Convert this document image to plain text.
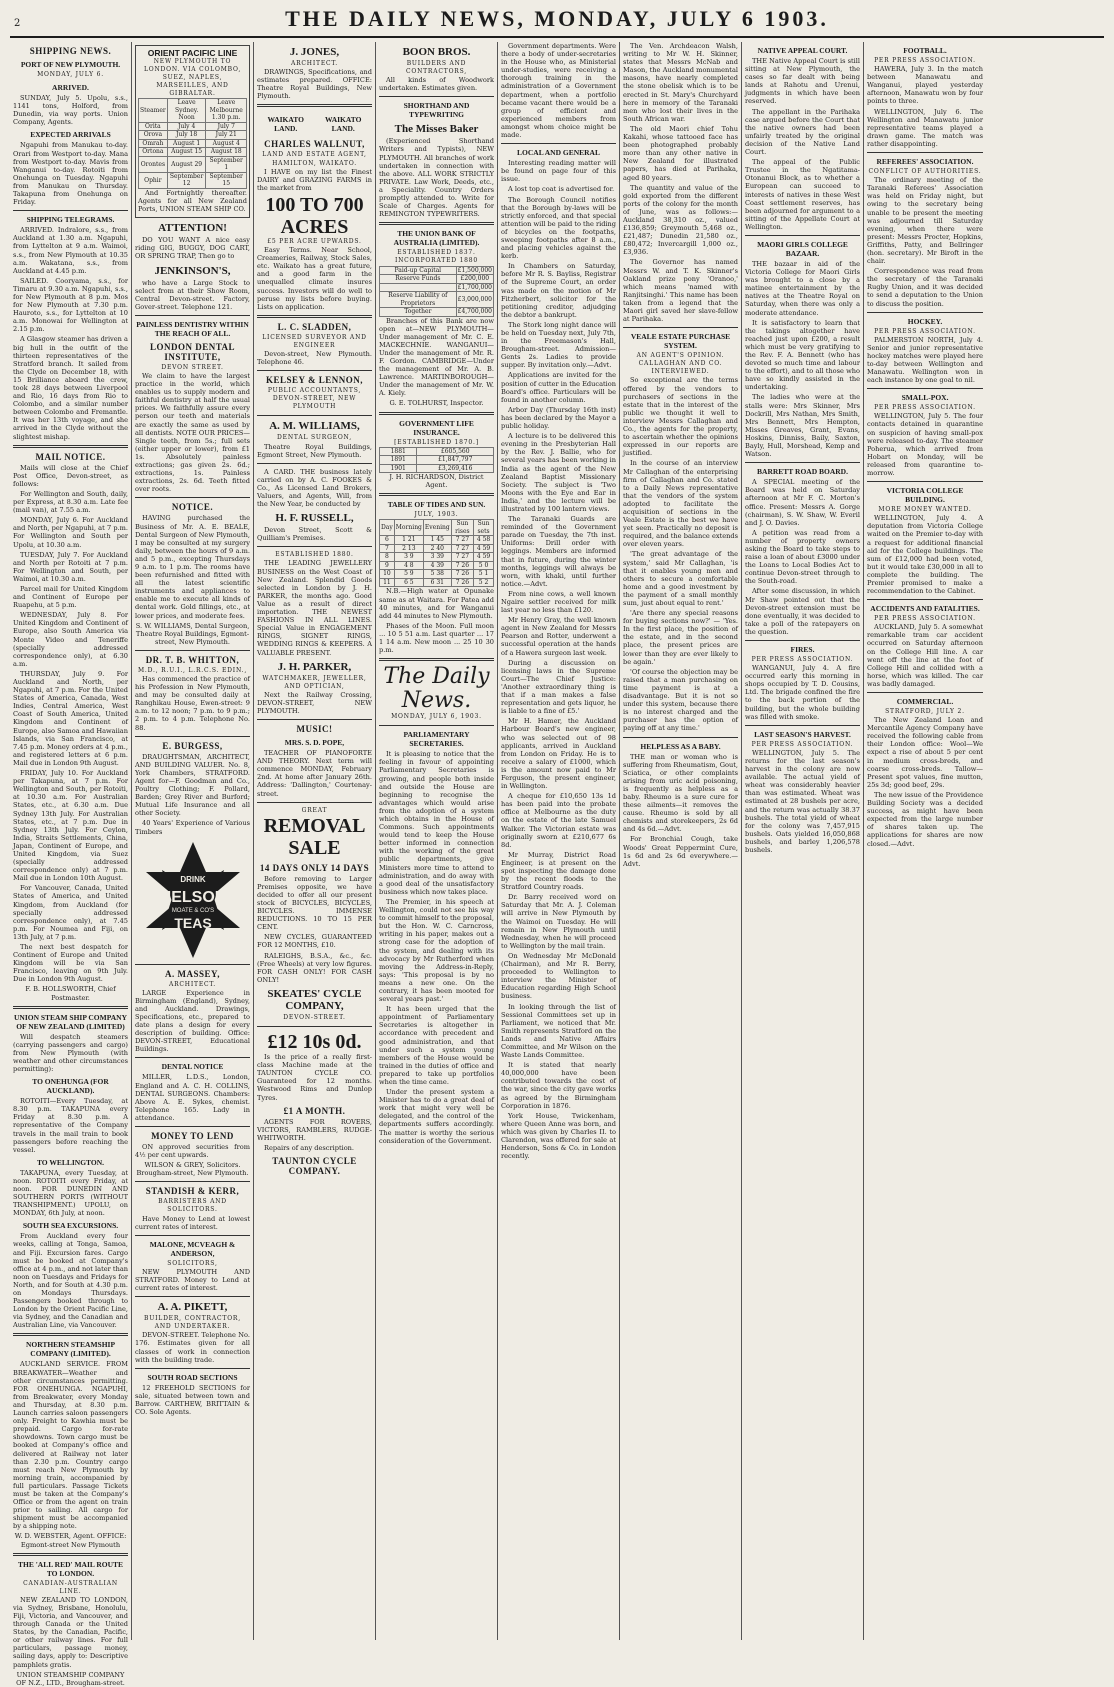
2	THE DAILY NEWS, MONDAY, JULY 6 1903.
SHIPPING NEWS.
PORT OF NEW PLYMOUTH.
MONDAY, JULY 6.
ARRIVED.

SUNDAY, July 5. Upolu, s.s., 1141 tons, Holford, from Dunedin, via way ports. Union Company, Agents.

EXPECTED ARRIVALS

Ngapuhi from Manukau to-day. Orari from Westport to-day. Mana from Westport to-day. Mavis from Wanganui to-day. Rotoiti from Onehunga on Tuesday. Ngapuhi from Manukau on Thursday. Takapuna from Onehunga on Friday.

SHIPPING TELEGRAMS.

ARRIVED. Indralore, s.s., from Auckland at 1.30 a.m. Ngapuhi, from Lyttelton at 9 a.m. Waimoi, s.s., from New Plymouth at 10.35 a.m. Wakatana, s.s., from Auckland at 4.45 p.m.

SAILED. Cooryama, s.s., for Timaru at 9.30 a.m. Ngapuhi, s.s., for New Plymouth at 8 p.m. Mos for New Plymouth at 7.30 p.m. Hauroto, s.s., for Lyttelton at 10 a.m. Monowai for Wellington at 2.15 p.m.

A Glasgow steamer has driven a big hull in the outfit of the thirteen representatives of the Stratford branch. It sailed from the Clyde on December 18, with 15 Brilliance aboard the crew, took 28 days between Liverpool and Rio, 16 days from Rio to Colombo, and a similar number between Colombo and Fremantle. It was her 13th voyage, and she arrived in the Clyde without the slightest mishap.

MAIL NOTICE.

Mails will close at the Chief Post Office, Devon-street, as follows:

For Wellington and South, daily, per Express, at 8.30 a.m. Late fee (mail van), at 7.55 a.m.

MONDAY, July 6. For Auckland and North, per Ngapuhi, at 7 p.m. For Wellington and South per Upolu, at 10.30 a.m.

TUESDAY, July 7. For Auckland and North per Rotoiti at 7 p.m. For Wellington and South, per Waimoi, at 10.30 a.m.

Parcel mail for United Kingdom and Continent of Europe per Ruapehu, at 5 p.m.

WEDNESDAY, July 8. For United Kingdom and Continent of Europe, also South America via Monte Video and Teneriffe (specially addressed correspondence only), at 6.30 a.m.

THURSDAY, July 9. For Auckland and North, per Ngapuhi, at 7 p.m. For the United States of America, Canada, West Indies, Central America, West Coast of South America, United Kingdom and Continent of Europe, also Samoa and Hawaiian Islands, via San Francisco, at 7.45 p.m. Money orders at 4 p.m., and registered letters at 6 p.m. Mail due in London 9th August.

FRIDAY, July 10. For Auckland per Takapuna, at 7 p.m. For Wellington and South, per Rotoiti, at 10.30 a.m. For Australian States, etc., at 6.30 a.m. Due Sydney 13th July. For Australian States, etc., at 7 p.m. Due in Sydney 13th July. For Ceylon, India, Straits Settlements, China, Japan, Continent of Europe, and United Kingdom, via Suez (specially addressed correspondence only) at 7 p.m. Mail due in London 10th August.

For Vancouver, Canada, United States of America, and United Kingdom, from Auckland (for specially addressed correspondence only), at 7.45 p.m. For Noumea and Fiji, on 13th July, at 7 p.m.

The next best despatch for Continent of Europe and United Kingdom will be via San Francisco, leaving on 9th July. Due in London 9th August.

F. B. HOLLSWORTH, Chief Postmaster.
UNION STEAM SHIP COMPANY OF NEW ZEALAND (LIMITED)

Will despatch steamers (carrying passengers and cargo) from New Plymouth (with weather and other circumstances permitting):

TO ONEHUNGA (FOR AUCKLAND).

ROTOITI—Every Tuesday, at 8.30 p.m. TAKAPUNA every Friday at 8.30 p.m. A representative of the Company travels in the mail train to book passengers before reaching the vessel.

TO WELLINGTON.

TAKAPUNA, every Tuesday, at noon. ROTOITI every Friday, at noon. FOR DUNEDIN AND SOUTHERN PORTS (WITHOUT TRANSHIPMENT.) UPOLU, on MONDAY, 6th July, at noon.

SOUTH SEA EXCURSIONS.

From Auckland every four weeks, calling at Tonga, Samoa, and Fiji. Excursion fares. Cargo must be booked at Company's office at 4 p.m., and not later than noon on Tuesdays and Fridays for North, and for South at 4.30 p.m. on Mondays Thursdays. Passengers booked through to London by the Orient Pacific Line, via Sydney, and the Canadian and Australian Line, via Vancouver.

NORTHERN STEAMSHIP COMPANY (LIMITED).

AUCKLAND SERVICE. FROM BREAKWATER—Weather and other circumstances permitting. FOR ONEHUNGA. NGAPUHI, from Breakwater, every Monday and Thursday, at 8.30 p.m. Launch carries saloon passengers only. Freight to Kawhia must be prepaid. Cargo for-rate showdowns. Town cargo must be booked at Company's office and delivered at Railway not later than 2.30 p.m. Country cargo must reach New Plymouth by morning train, accompanied by full particulars. Passage Tickets must be taken at the Company's Office or from the agent on train prior to sailing. All cargo for shipment must be accompanied by a shipping note.

W. D. WEBSTER, Agent. OFFICE: Egmont-street New Plymouth
THE 'ALL RED' MAIL ROUTE TO LONDON.
CANADIAN-AUSTRALIAN LINE.

NEW ZEALAND TO LONDON, via Sydney, Brisbane, Honolulu, Fiji, Victoria, and Vancouver, and through Canada or the United States, by the Canadian, Pacific, or other railway lines. For full particulars, passage money, sailing days, apply to: Descriptive pamphlets gratis.

UNION STEAMSHIP COMPANY OF N.Z., LTD., Brougham-street.
ORIENT PACIFIC LINE
NEW PLYMOUTH TO LONDON. VIA COLOMBO, SUEZ, NAPLES, MARSEILLES, AND GIBRALTAR.
Steamer	Leave Sydney. Noon	Leave Melbourne 1.30 p.m.
Orita	July 4	July 7
Orova	July 18	July 21
Omrah	August 1	August 4
Ortona	August 15	August 18
Orontes	August 29	September 1
Ophir	September 12	September 15

And Fortnightly thereafter. Agents for all New Zealand Ports, UNION STEAM SHIP CO.

ATTENTION!

DO YOU WANT A nice easy riding GIG, BUGGY, DOG CART, OR SPRING TRAP, Then go to

JENKINSON'S,

who have a Large Stock to select from at their Show Room, Central Devon-street. Factory, Gover-street. Telephone 121.

PAINLESS DENTISTRY WITHIN THE REACH OF ALL.
LONDON DENTAL INSTITUTE,
DEVON STREET.

We claim to have the largest practice in the world, which enables us to supply modern and faithful dentistry at half the usual prices. We faithfully assure every person our teeth and materials are exactly the same as used by all dentists. NOTE OUR PRICES—Single teeth, from 5s.; full sets (either upper or lower), from £1 1s. Absolutely painless extractions; gas given 2s. 6d.; extractions, 1s. Painless extractions, 2s. 6d. Teeth fitted over roots.

NOTICE.

HAVING purchased the Business of Mr. A. E. BEALE, Dental Surgeon of New Plymouth, I may be consulted at my surgery daily, between the hours of 9 a.m. and 5 p.m., excepting Thursdays 9 a.m. to 1 p.m. The rooms have been refurnished and fitted with all the latest scientific instruments and appliances to enable me to execute all kinds of dental work. Gold fillings, etc., at lower prices, and moderate fees.

S. W. WILLIAMS, Dental Surgeon, Theatre Royal Buildings, Egmont-street, New Plymouth.
DR. T. B. WHITTON,
M.D., R.U.I., L.R.C.S. EDIN.,

Has commenced the practice of his Profession in New Plymouth, and may be consulted daily at Ranghikau House, Ewen-street: 9 a.m. to 12 noon; 7 p.m. to 9 p.m.; 2 p.m. to 4 p.m. Telephone No. 88.

E. BURGESS,

DRAUGHTSMAN, ARCHITECT, AND BUILDING VALUER. No. 8, York Chambers, STRATFORD. Agent for—F. Goodman and Co., Poultry Clothing; F. Pollard, Barden; Grey River and Burford; Mutual Life Insurance and all other Society.

40 Years' Experience of Various Timbers

DRINK
NELSON
MOATE & CO'S
TEAS
A. MASSEY,
ARCHITECT.

LARGE Experience in Birmingham (England), Sydney, and Auckland. Drawings, Specifications, etc., prepared to date plans a design for every description of building. Office: DEVON-STREET, Educational Buildings.

DENTAL NOTICE

MILLER, L.D.S., London, England and A. C. H. COLLINS, DENTAL SURGEONS. Chambers: Above A. E. Sykes, chemist. Telephone 165. Lady in attendance.

MONEY TO LEND

ON approved securities from 4½ per cent upwards.

WILSON & GREY, Solicitors. Brougham-street, New Plymouth.
STANDISH & KERR,
BARRISTERS AND SOLICITORS.

Have Money to Lend at lowest current rates of interest.

MALONE, MCVEAGH & ANDERSON,
SOLICITORS,

NEW PLYMOUTH AND STRATFORD. Money to Lend at current rates of interest.

A. A. PIKETT,
BUILDER, CONTRACTOR, AND UNDERTAKER.

DEVON-STREET. Telephone No. 176. Estimates given for all classes of work in connection with the building trade.

SOUTH ROAD SECTIONS

12 FREEHOLD SECTIONS for sale, situated between town and Barrow. CARTHEW, BRITTAIN & CO. Sole Agents.

J. JONES,
ARCHITECT.

DRAWINGS, Specifications, and estimates prepared. OFFICE: Theatre Royal Buildings, New Plymouth.

WAIKATO LAND.
WAIKATO LAND.
CHARLES WALLNUT,
LAND AND ESTATE AGENT, HAMILTON, WAIKATO.

I HAVE on my list the Finest DAIRY and GRAZING FARMS in the market from

100 TO 700 ACRES
£5 PER ACRE UPWARDS.

Easy Terms. Near School, Creameries, Railway, Stock Sales, etc. Waikato has a great future, and a good farm in the unequalled climate insures success. Investors will do well to peruse my lists before buying. Lists on application.

L. C. SLADDEN,
LICENSED SURVEYOR AND ENGINEER

Devon-street, New Plymouth. Telephone 46.

KELSEY & LENNON,
PUBLIC ACCOUNTANTS, DEVON-STREET, NEW PLYMOUTH
A. M. WILLIAMS,
DENTAL SURGEON,

Theatre Royal Buildings, Egmont Street, New Plymouth.

A CARD. THE business lately carried on by A. C. FOOKES & Co., As Licensed Land Brokers, Valuers, and Agents, Will, from the New Year, be conducted by

H. F. RUSSELL,

Devon Street, Scott & Quilliam's Premises.

ESTABLISHED 1880.

THE LEADING JEWELLERY BUSINESS on the West Coast of New Zealand. Splendid Goods selected in London by J. H. PARKER, the months ago. Good Value as a result of direct importation. THE NEWEST FASHIONS IN ALL LINES. Special Value in ENGAGEMENT RINGS, SIGNET RINGS, WEDDING RINGS & KEEPERS. A VALUABLE PRESENT.

J. H. PARKER,
WATCHMAKER, JEWELLER, AND OPTICIAN,

Next the Railway Crossing, DEVON-STREET, NEW PLYMOUTH.

MUSIC!
MRS. S. D. POPE,

TEACHER OF PIANOFORTE AND THEORY. Next term will commence MONDAY, February 2nd. At home after January 26th. Address: 'Dallington,' Courtenay-street.

GREAT
REMOVAL SALE
14 DAYS ONLY 14 DAYS

Before removing to Larger Premises opposite, we have decided to offer all our present stock of BICYCLES, BICYCLES, BICYCLES. IMMENSE REDUCTIONS. 10 TO 15 PER CENT.

NEW CYCLES, GUARANTEED FOR 12 MONTHS, £10.

RALEIGHS, B.S.A., &c., &c. (Free Wheels) at very low figures. FOR CASH ONLY! FOR CASH ONLY!

SKEATES' CYCLE COMPANY,
DEVON-STREET.
£12 10s 0d.

Is the price of a really first-class Machine made at the TAUNTON CYCLE CO. Guaranteed for 12 months. Westwood Rims and Dunlop Tyres.

£1 A MONTH.

AGENTS FOR ROVERS, VICTORS, RAMBLERS, RUDGE-WHITWORTH.

Repairs of any description.

TAUNTON CYCLE COMPANY.
BOON BROS.
BUILDERS AND CONTRACTORS,

All kinds of Woodwork undertaken. Estimates given.

SHORTHAND AND TYPEWRITING
The Misses Baker

(Experienced Shorthand Writers and Typists), NEW PLYMOUTH. All branches of work undertaken in connection with the above. ALL WORK STRICTLY PRIVATE. Law Work, Deeds, etc., a Speciality. Country Orders promptly attended to. Write for Scale of Charges. Agents for REMINGTON TYPEWRITERS.

THE UNION BANK OF AUSTRALIA (LIMITED).
ESTABLISHED 1837. INCORPORATED 1880
Paid-up Capital	£1,500,000
Reserve Funds	£200,000
	£1,700,000
Reserve Liability of Proprietors	£3,000,000
Together	£4,700,000

Branches of this Bank are now open at—NEW PLYMOUTH—Under management of Mr. C. E. MACKECHNIE. WANGANUI—Under the management of Mr. R. F. Gordon. CAMBRIDGE—Under the management of Mr. A. B. Lawrence. MARTINBOROUGH—Under the management of Mr. W. A. Kiely.

G. E. TOLHURST, Inspector.
GOVERNMENT LIFE INSURANCE.
[ESTABLISHED 1870.]
1881	£605,560
1891	£1,847,797
1901	£3,269,416
J. H. RICHARDSON, District Agent.
TABLE OF TIDES AND SUN.
JULY, 1903.
Day	Morning	Evening	Sun rises	Sun sets
6	1 21	1 45	7 27	4 58
7	2 13	2 40	7 27	4 59
8	3 9	3 39	7 27	4 59
9	4 8	4 39	7 26	5 0
10	5 9	5 38	7 26	5 1
11	6 5	6 31	7 26	5 2

N.B.—High water at Opunake same as at Waitara. For Patea add 40 minutes, and for Wanganui add 44 minutes to New Plymouth.

Phases of the Moon. Full moon ... 10 5 51 a.m. Last quarter ... 17 1 14 a.m. New moon ... 25 10 30 p.m.

The Daily News.
MONDAY, JULY 6, 1903.
PARLIAMENTARY SECRETARIES.

It is pleasing to notice that the feeling in favour of appointing Parliamentary Secretaries is growing, and people both inside and outside the House are beginning to recognise the advantages which would arise from the adoption of a system which obtains in the House of Commons. Such appointments would tend to keep the House better informed in connection with the working of the great public departments, give Ministers more time to attend to administration, and do away with a good deal of the unsatisfactory business which now takes place.

The Premier, in his speech at Wellington, could not see his way to commit himself to the proposal, but the Hon. W. C. Carncross, writing in his paper, makes out a strong case for the adoption of the system, and dealing with its advocacy by Mr Rutherford when moving the Address-in-Reply, says: 'This proposal is by no means a new one. On the contrary, it has been mooted for several years past.'

It has been urged that the appointment of Parliamentary Secretaries is altogether in accordance with precedent and good administration, and that under such a system young members of the House would be trained in the duties of office and prepared to take up portfolios when the time came.

Under the present system a Minister has to do a great deal of work that might very well be delegated, and the control of the departments suffers accordingly. The matter is worthy the serious consideration of the Government.

Government departments. Were there a body of under-secretaries in the House who, as Ministerial under-studies, were receiving a thorough training in the administration of a Government department, when a portfolio became vacant there would be a group of efficient and experienced members from amongst whom choice might be made.

LOCAL AND GENERAL

Interesting reading matter will be found on page four of this issue.

A lost top coat is advertised for.

The Borough Council notifies that the Borough by-laws will be strictly enforced, and that special attention will be paid to the riding of bicycles on the footpaths, sweeping footpaths after 8 a.m., and placing vehicles against the kerb.

In Chambers on Saturday, before Mr R. S. Bayliss, Registrar of the Supreme Court, an order was made on the motion of Mr Fitzherbert, solicitor for the petitioning creditor, adjudging the debtor a bankrupt.

The Stork long night dance will be held on Tuesday next, July 7th, in the Freemason's Hall, Brougham-street. Admission—Gents 2s. Ladies to provide supper. By invitation only.—Advt.

Applications are invited for the position of cutter in the Education Board's office. Particulars will be found in another column.

Arbor Day (Thursday 16th inst) has been declared by the Mayor a public holiday.

A lecture is to be delivered this evening in the Presbyterian Hall by the Rev. J. Ballie, who for several years has been working in India as the agent of the New Zealand Baptist Missionary Society. The subject is 'Two Moons with the Eye and Ear in India,' and the lecture will be illustrated by 100 lantern views.

The Taranaki Guards are reminded of the Government parade on Tuesday, the 7th inst. Uniforms: Drill order with leggings. Members are informed that in future, during the winter months, leggings will always be worn, with khaki, until further notice.—Advt.

From nine cows, a well known Ngaire settler received for milk last year no less than £120.

Mr Henry Gray, the well known agent in New Zealand for Messrs Pearson and Rotter, underwent a successful operation at the hands of a Hawera surgeon last week.

During a discussion on licensing laws in the Supreme Court—The Chief Justice: 'Another extraordinary thing is that if a man makes a false representation and gets liquor, he is liable to a fine of £5.'

Mr H. Hamer, the Auckland Harbour Board's new engineer, who was selected out of 98 applicants, arrived in Auckland from London on Friday. He is to receive a salary of £1000, which is the amount now paid to Mr Ferguson, the present engineer, in Wellington.

A cheque for £10,650 13s 1d has been paid into the probate office at Melbourne as the duty on the estate of the late Samuel Walker. The Victorian estate was originally sworn at £210,677 6s 8d.

Mr Murray, District Road Engineer, is at present on the spot inspecting the damage done by the recent floods to the Stratford Country roads.

Dr. Barry received word on Saturday that Mr. A. J. Coleman will arrive in New Plymouth by the Waimoi on Tuesday. He will remain in New Plymouth until Wednesday, when he will proceed to Wellington by the mail train.

On Wednesday Mr McDonald (Chairman), and Mr R. Berry, proceeded to Wellington to interview the Minister of Education regarding High School business.

In looking through the list of Sessional Committees set up in Parliament, we noticed that Mr. Smith represents Stratford on the Lands and Native Affairs Committee, and Mr Wilson on the Waste Lands Committee.

It is stated that nearly 40,000,000 have been contributed towards the cost of the war, since the city gave works as agreed by the Birmingham Corporation in 1876.

York House, Twickenham, where Queen Anne was born, and which was given by Charles II. to Clarendon, was offered for sale at Henderson, Sons & Co. in London recently.

The Ven. Archdeacon Walsh, writing to Mr W. H. Skinner, states that Messrs McNab and Mason, the Auckland monumental masons, have nearly completed the stone obelisk which is to be erected in St. Mary's Churchyard here in memory of the Taranaki men who lost their lives in the South African war.

The old Maori chief Tohu Kakahi, whose tattooed face has been photographed probably more than any other native in New Zealand for illustrated papers, has died at Parihaka, aged 80 years.

The quantity and value of the gold exported from the different ports of the colony for the month of June, was as follows:—Auckland 38,310 oz., valued £136,859; Greymouth 5,468 oz., £21,487; Dunedin 21,580 oz., £80,472; Invercargill 1,000 oz., £3,936.

The Governor has named Messrs W. and T. K. Skinner's Oakland prize pony 'Oranoo,' which means 'named with Ranjitsinghi.' This name has been taken from a legend that the Maori girl saved her slave-fellow at Parihaka.

VEALE ESTATE PURCHASE SYSTEM.
AN AGENT'S OPINION.
CALLAGHAN AND CO. INTERVIEWED.

So exceptional are the terms offered by the vendors to purchasers of sections in the estate that in the interest of the public we thought it well to interview Messrs Callaghan and Co., the agents for the property, to ascertain whether the opinions expressed in our reports are justified.

In the course of an interview Mr Callaghan of the enterprising firm of Callaghan and Co. stated to a Daily News representative that the vendors of the system adopted to facilitate the acquisition of sections in the Veale Estate is the best we have yet seen. Practically no deposit is required, and the balance extends over eleven years.

'The great advantage of the system,' said Mr Callaghan, 'is that it enables young men and others to secure a comfortable home and a good investment by the payment of a small monthly sum, just about equal to rent.'

'Are there any special reasons for buying sections now?' — 'Yes. In the first place, the position of the estate, and in the second place, the present prices are lower than they are ever likely to be again.'

'Of course the objection may be raised that a man purchasing on time payment is at a disadvantage. But it is not so under this system, because there is no interest charged and the purchaser has the option of paying off at any time.'

HELPLESS AS A BABY.

THE man or woman who is suffering from Rheumatism, Gout, Sciatica, or other complaints arising from uric acid poisoning, is frequently as helpless as a baby. Rheumo is a sure cure for these ailments—it removes the cause. Rheumo is sold by all chemists and storekeepers, 2s 6d and 4s 6d.—Advt.

For Bronchial Cough, take Woods' Great Peppermint Cure, 1s 6d and 2s 6d everywhere.—Advt.

NATIVE APPEAL COURT.

THE Native Appeal Court is still sitting at New Plymouth, the cases so far dealt with being lands at Rahotu and Urenui, judgments in which have been reserved.

The appellant in the Parihaka case argued before the Court that the native owners had been unfairly treated by the original decision of the Native Land Court.

The appeal of the Public Trustee in the Ngatitama-Otonanui Block, as to whether a European can succeed to interests of natives in these West Coast settlement reserves, has been adjourned for argument to a sitting of the Appellate Court at Wellington.

MAORI GIRLS COLLEGE BAZAAR.

THE bazaar in aid of the Victoria College for Maori Girls was brought to a close by a matinee entertainment by the natives at the Theatre Royal on Saturday, when there was only a moderate attendance.

It is satisfactory to learn that the takings altogether have reached just upon £200, a result which must be very gratifying to the Rev. F. A. Bennett (who has devoted so much time and labour to the effort), and to all those who have so kindly assisted in the undertaking.

The ladies who were at the stalls were: Mrs Skinner, Mrs Dockrill, Mrs Nathan, Mrs Smith, Mrs Bennett, Mrs Hempton, Misses Greaves, Grant, Evans, Hoskins, Dinniss, Baily, Saxton, Bayly, Hull, Morshead, Kemp and Watson.

BARRETT ROAD BOARD.

A SPECIAL meeting of the Board was held on Saturday afternoon at Mr F. C. Morton's office. Present: Messrs A. Gorge (chairman), S. W. Shaw, W. Everil and J. O. Davies.

A petition was read from a number of property owners asking the Board to take steps to raise a loan of about £3000 under the Loans to Local Bodies Act to continue Devon-street through to the South-road.

After some discussion, in which Mr Shaw pointed out that the Devon-street extension must be done eventually, it was decided to take a poll of the ratepayers on the question.

FIRES.
PER PRESS ASSOCIATION.

WANGANUI, July 4. A fire occurred early this morning in shops occupied by T. D. Cousins, Ltd. The brigade confined the fire to the back portion of the building, but the whole building was filled with smoke.

LAST SEASON'S HARVEST.
PER PRESS ASSOCIATION.

WELLINGTON, July 5. The returns for the last season's harvest in the colony are now available. The actual yield of wheat was considerably heavier than was estimated. Wheat was estimated at 28 bushels per acre, and the return was actually 38.37 bushels. The total yield of wheat for the colony was 7,457,915 bushels. Oats yielded 16,050,868 bushels, and barley 1,206,578 bushels.

FOOTBALL.
PER PRESS ASSOCIATION.

HAWERA, July 3. In the match between Manawatu and Wanganui, played yesterday afternoon, Manawatu won by four points to three.

WELLINGTON, July 6. The Wellington and Manawatu junior representative teams played a drawn game. The match was rather disappointing.

REFEREES' ASSOCIATION.
CONFLICT OF AUTHORITIES.

The ordinary meeting of the Taranaki Referees' Association was held on Friday night, but owing to the secretary being unable to be present the meeting was adjourned till Saturday evening, when there were present: Messrs Procter, Hopkins, Griffiths, Patty, and Bellringer (hon. secretary). Mr Biroft in the chair.

Correspondence was read from the secretary of the Taranaki Rugby Union, and it was decided to send a deputation to the Union to discuss the position.

HOCKEY.
PER PRESS ASSOCIATION.

PALMERSTON NORTH, July 4. Senior and junior representative hockey matches were played here to-day between Wellington and Manawatu. Wellington won in each instance by one goal to nil.

SMALL-POX.
PER PRESS ASSOCIATION.

WELLINGTON, July 5. The four contacts detained in quarantine on suspicion of having small-pox were released to-day. The steamer Poherua, which arrived from Hobart on Monday, will be released from quarantine to-morrow.

VICTORIA COLLEGE BUILDING.
MORE MONEY WANTED.

WELLINGTON, July 4. A deputation from Victoria College waited on the Premier to-day with a request for additional financial aid for the College buildings. The sum of £12,000 had been voted, but it would take £30,000 in all to complete the building. The Premier promised to make a recommendation to the Cabinet.

ACCIDENTS AND FATALITIES.
PER PRESS ASSOCIATION.

AUCKLAND, July 5. A somewhat remarkable tram car accident occurred on Saturday afternoon on the College Hill line. A car went off the line at the foot of College Hill and collided with a horse, which was killed. The car was badly damaged.

COMMERCIAL.
STRATFORD, JULY 2.

The New Zealand Loan and Mercantile Agency Company have received the following cable from their London office: Wool—We expect a rise of about 5 per cent in medium cross-breds, and coarse cross-breds. Tallow—Present spot values, fine mutton, 25s 3d; good beef, 29s.

The new issue of the Providence Building Society was a decided success, as might have been expected from the large number of shares taken up. The applications for shares are now closed.—Advt.
